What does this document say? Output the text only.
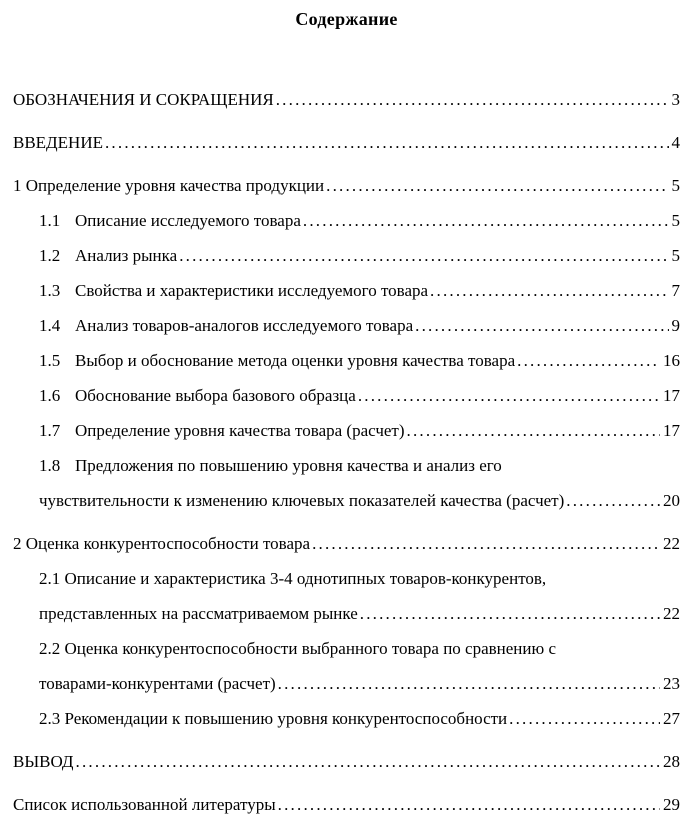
Содержание
ОБОЗНАЧЕНИЯ И СОКРАЩЕНИЯ .....	3
ВВЕДЕНИЕ .....	4
1 Определение уровня качества продукции .....	5
1.1 Описание исследуемого товара .....	5
1.2 Анализ рынка .....	5
1.3 Свойства и характеристики исследуемого товара .....	7
1.4 Анализ товаров-аналогов исследуемого товара .....	9
1.5 Выбор и обоснование метода оценки уровня качества товара .....	16
1.6 Обоснование выбора базового образца .....	17
1.7 Определение уровня качества товара (расчет) .....	17
1.8 Предложения по повышению уровня качества и анализ его
чувствительности к изменению ключевых показателей качества (расчет) .....	20
2 Оценка конкурентоспособности товара .....	22
2.1 Описание и характеристика 3-4 однотипных товаров-конкурентов,
представленных на рассматриваемом рынке .....	22
2.2 Оценка конкурентоспособности выбранного товара по сравнению с
товарами-конкурентами (расчет) .....	23
2.3 Рекомендации к повышению уровня конкурентоспособности .....	27
ВЫВОД .....	28
Список использованной литературы .....	29
